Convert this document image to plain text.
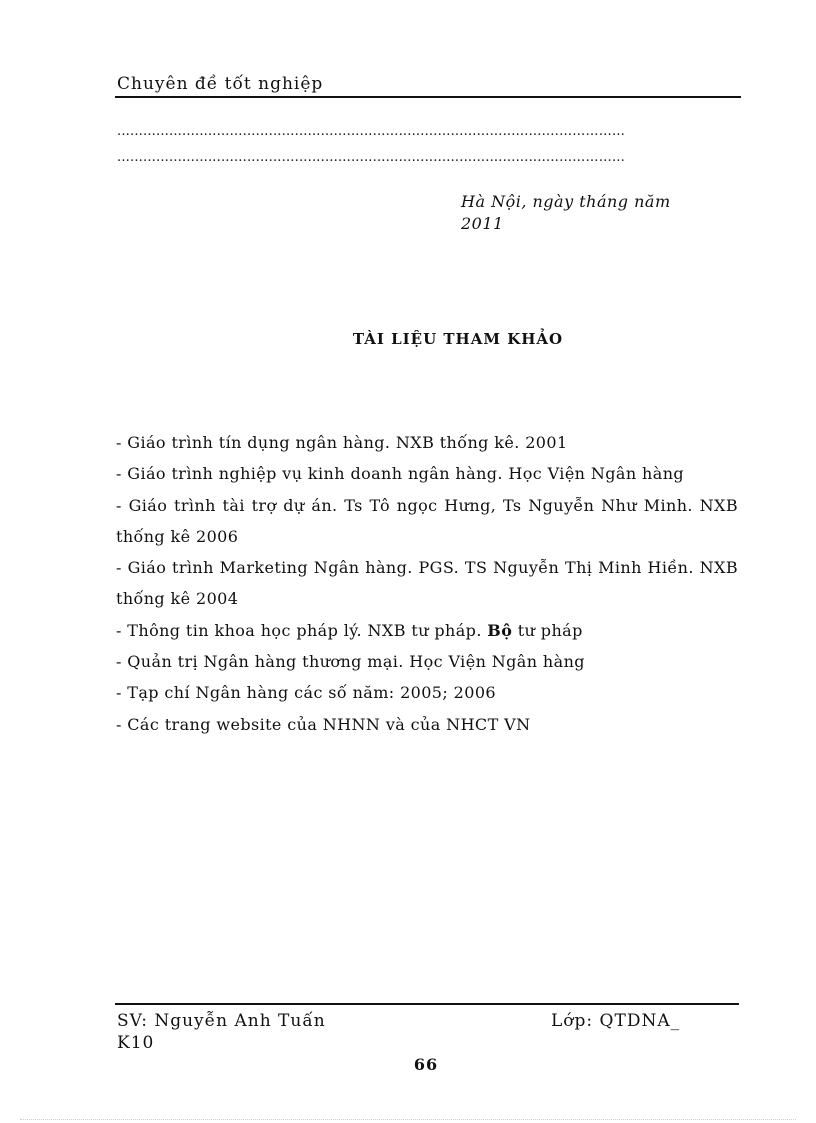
Chuyên đề tốt nghiệp
...................................................................................................………………
...................................................................................................………………
Hà Nội, ngày tháng năm 2011
TÀI LIỆU THAM KHẢO

- Giáo trình tín dụng ngân hàng. NXB thống kê. 2001

- Giáo trình nghiệp vụ kinh doanh ngân hàng. Học Viện Ngân hàng

- Giáo trình tài trợ dự án. Ts Tô ngọc Hưng, Ts Nguyễn Như Minh. NXB thống kê 2006

- Giáo trình Marketing Ngân hàng. PGS. TS Nguyễn Thị Minh Hiền. NXB thống kê 2004

- Thông tin khoa học pháp lý. NXB tư pháp. Bộ tư pháp

- Quản trị Ngân hàng thương mại. Học Viện Ngân hàng

- Tạp chí Ngân hàng các số năm: 2005; 2006

- Các trang website của NHNN và của NHCT VN

SV: Nguyễn Anh Tuấn	Lớp: QTDNA_
K10
66
